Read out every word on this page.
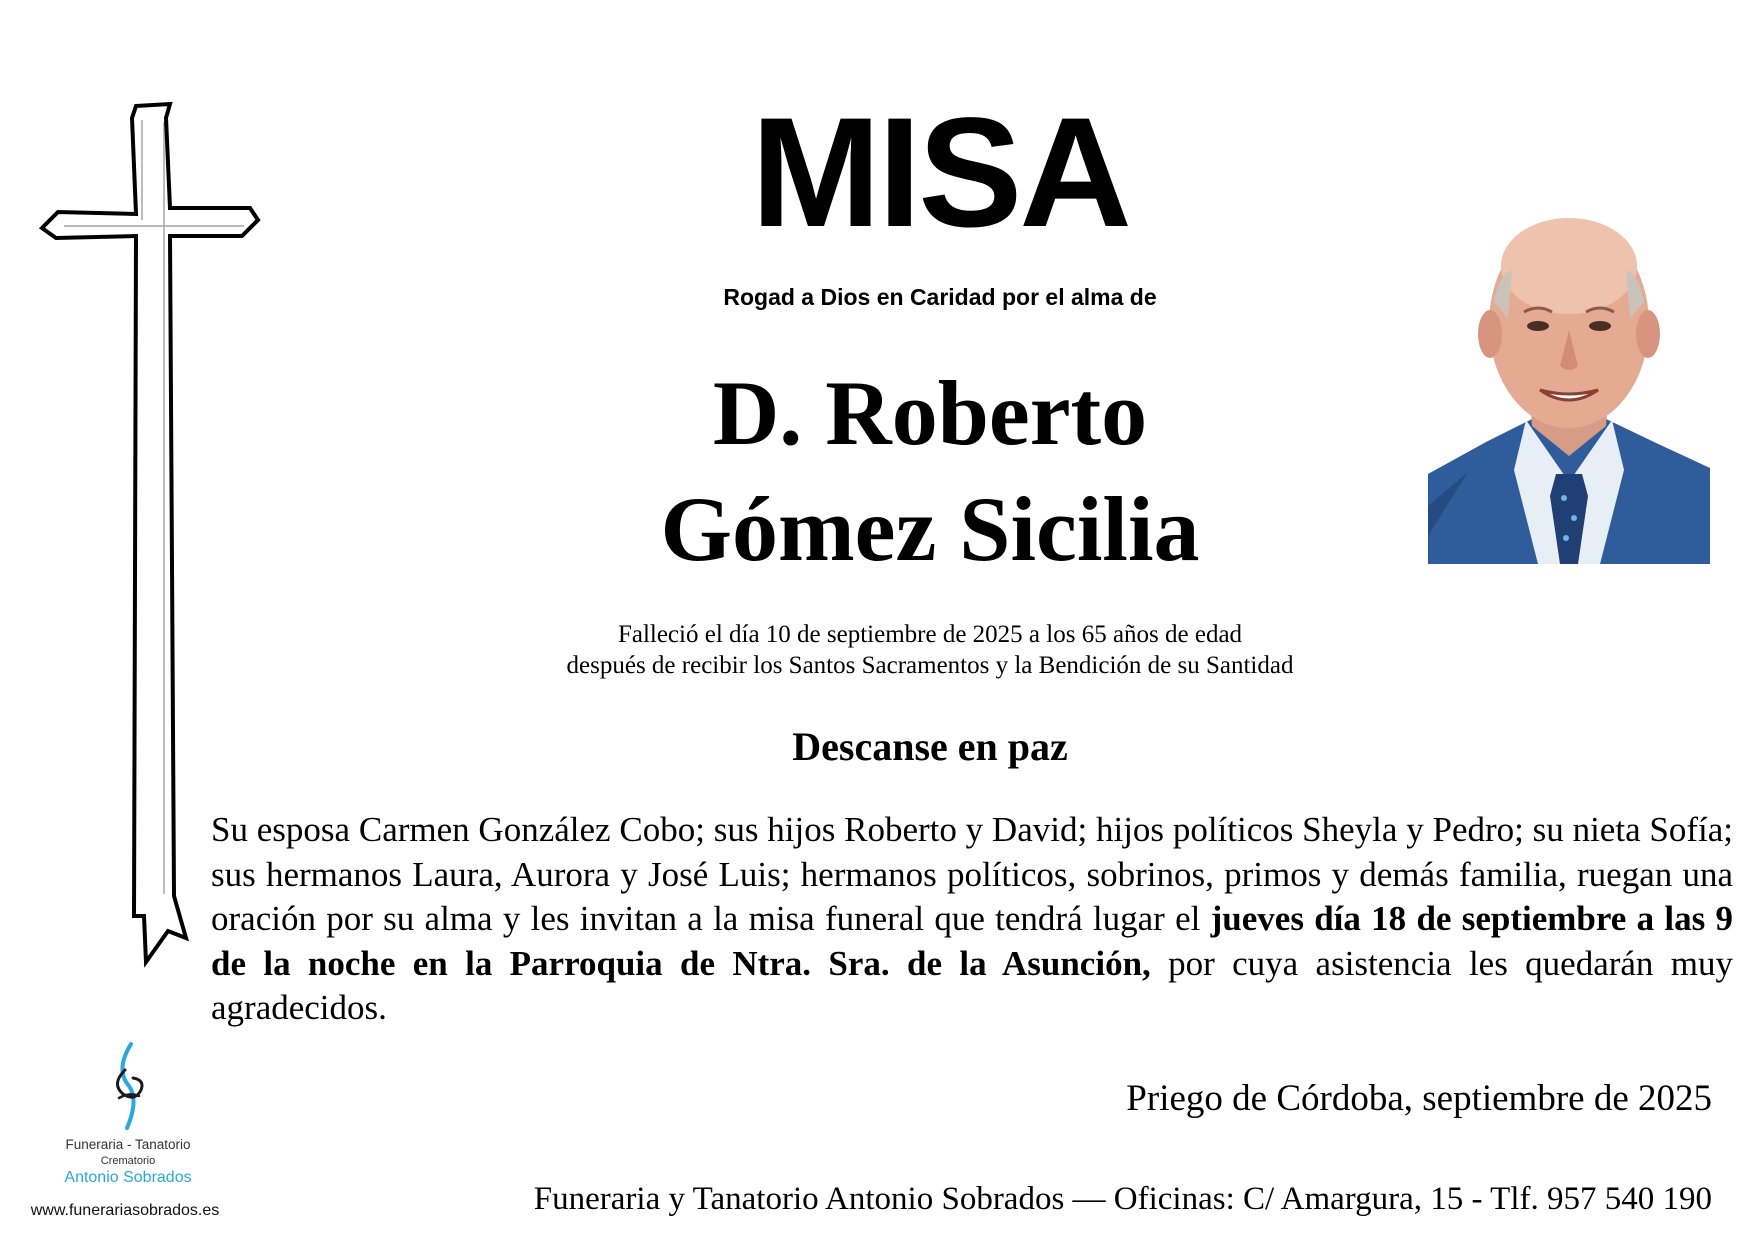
MISA
Rogad a Dios en Caridad por el alma de
D. Roberto
Gómez Sicilia
Falleció el día 10 de septiembre de 2025 a los 65 años de edad
después de recibir los Santos Sacramentos y la Bendición de su Santidad
Descanse en paz
Su esposa Carmen González Cobo; sus hijos Roberto y David; hijos políticos Sheyla y Pedro; su nieta Sofía; sus hermanos Laura, Aurora y José Luis; hermanos políticos, sobrinos, primos y demás familia, ruegan una oración por su alma y les invitan a la misa funeral que tendrá lugar el jueves día 18 de septiembre a las 9 de la noche en la Parroquia de Ntra. Sra. de la Asunción, por cuya asistencia les quedarán muy agradecidos.
Priego de Córdoba, septiembre de 2025
Funeraria y Tanatorio Antonio Sobrados — Oficinas: C/ Amargura, 15 - Tlf. 957 540 190
Funeraria - Tanatorio
Crematorio
Antonio Sobrados
www.funerariasobrados.es
